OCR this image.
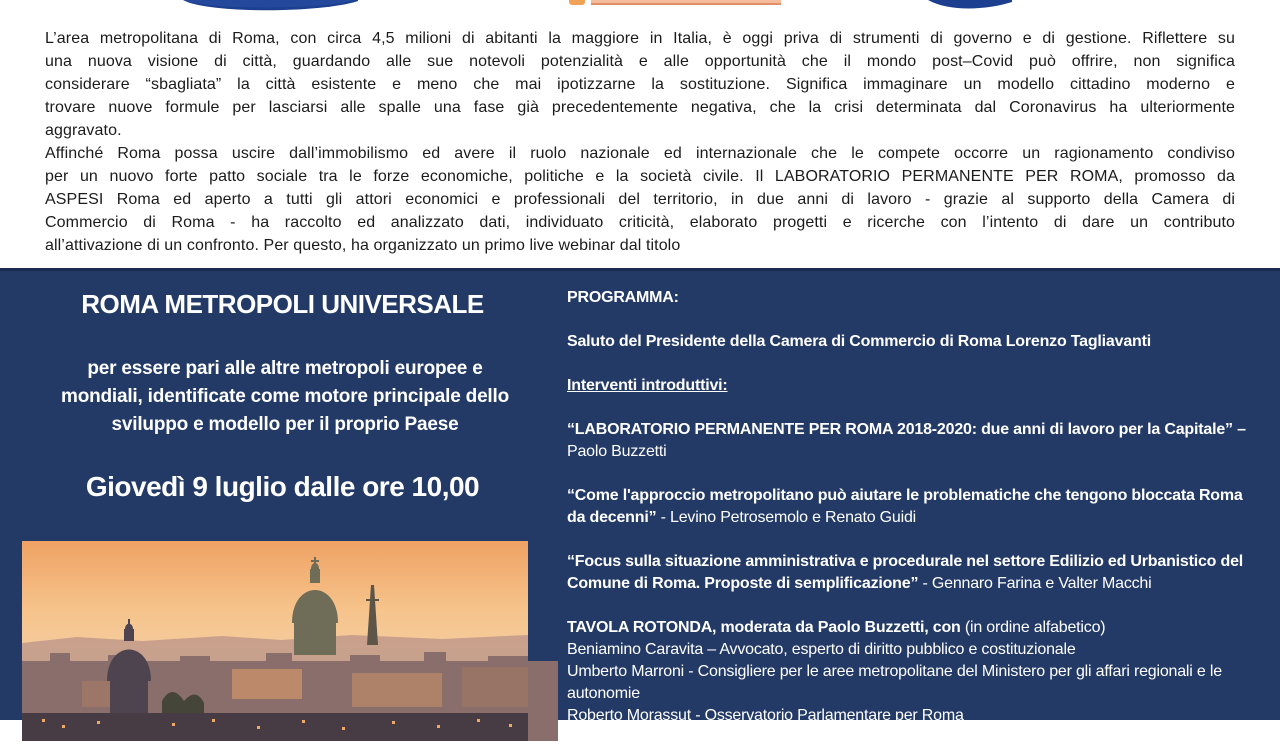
L’area metropolitana di Roma, con circa 4,5 milioni di abitanti la maggiore in Italia, è oggi priva di strumenti di governo e di gestione. Riflettere su
una nuova visione di città, guardando alle sue notevoli potenzialità e alle opportunità che il mondo post–Covid può offrire, non significa
considerare “sbagliata” la città esistente e meno che mai ipotizzarne la sostituzione. Significa immaginare un modello cittadino moderno e
trovare nuove formule per lasciarsi alle spalle una fase già precedentemente negativa, che la crisi determinata dal Coronavirus ha ulteriormente
aggravato.
Affinché Roma possa uscire dall’immobilismo ed avere il ruolo nazionale ed internazionale che le compete occorre un ragionamento condiviso
per un nuovo forte patto sociale tra le forze economiche, politiche e la società civile. Il LABORATORIO PERMANENTE PER ROMA, promosso da
ASPESI Roma ed aperto a tutti gli attori economici e professionali del territorio, in due anni di lavoro - grazie al supporto della Camera di
Commercio di Roma - ha raccolto ed analizzato dati, individuato criticità, elaborato progetti e ricerche con l’intento di dare un contributo
all’attivazione di un confronto. Per questo, ha organizzato un primo live webinar dal titolo
ROMA METROPOLI UNIVERSALE
per essere pari alle altre metropoli europee e
mondiali, identificate come motore principale dello
sviluppo e modello per il proprio Paese
Giovedì 9 luglio dalle ore 10,00
PROGRAMMA:
Saluto del Presidente della Camera di Commercio di Roma Lorenzo Tagliavanti
Interventi introduttivi:
“LABORATORIO PERMANENTE PER ROMA 2018-2020: due anni di lavoro per la Capitale” –
Paolo Buzzetti
“Come l'approccio metropolitano può aiutare le problematiche che tengono bloccata Roma da decenni” - Levino Petrosemolo e Renato Guidi
“Focus sulla situazione amministrativa e procedurale nel settore Edilizio ed Urbanistico del Comune di Roma. Proposte di semplificazione” - Gennaro Farina e Valter Macchi
TAVOLA ROTONDA, moderata da Paolo Buzzetti, con (in ordine alfabetico)
Beniamino Caravita – Avvocato, esperto di diritto pubblico e costituzionale
Umberto Marroni - Consigliere per le aree metropolitane del Ministero per gli affari regionali e le autonomie
Roberto Morassut - Osservatorio Parlamentare per Roma
Luca Montuori - Assessore all'Urbanistica Roma Capitale
